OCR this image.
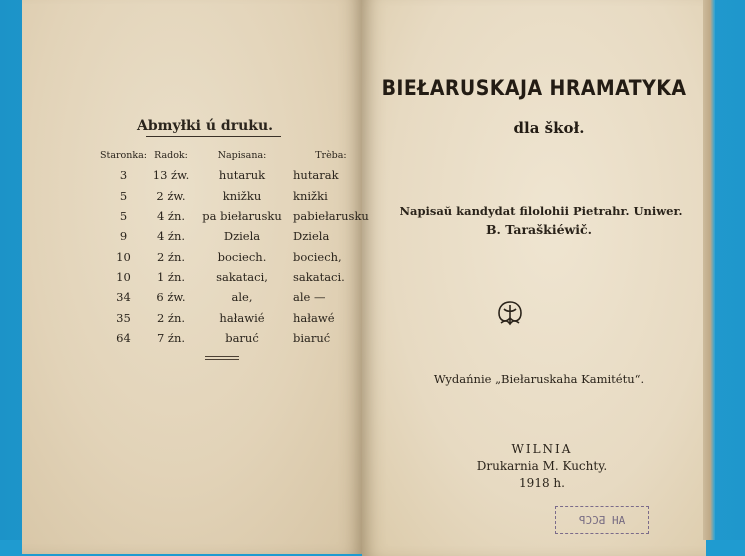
Abmyłki ú druku.
Staronka:	Radok:	Napisana:	Trèba:
3	13 źw.	hutaruk	hutarak
5	2 źw.	knižku	knižki
5	4 źn.	pa biełarusku	pabiełarusku
9	4 źn.	Dziela	Dziela
10	2 źn.	bociech.	bociech,
10	1 źn.	sakataci,	sakataci.
34	6 źw.	ale,	ale —
35	2 źn.	haławié	haławé
64	7 źn.	baruć	biaruć
BIEŁARUSKAJA HRAMATYKA
dla škoł.
Napisaŭ kandydat filolohii Pietrahr. Uniwer.
B. Taraškiéwič.
Wydańnie „Biełaruskaha Kamitétu“.
WILNIA
Drukarnia M. Kuchty.
1918 h.
AH БССР
